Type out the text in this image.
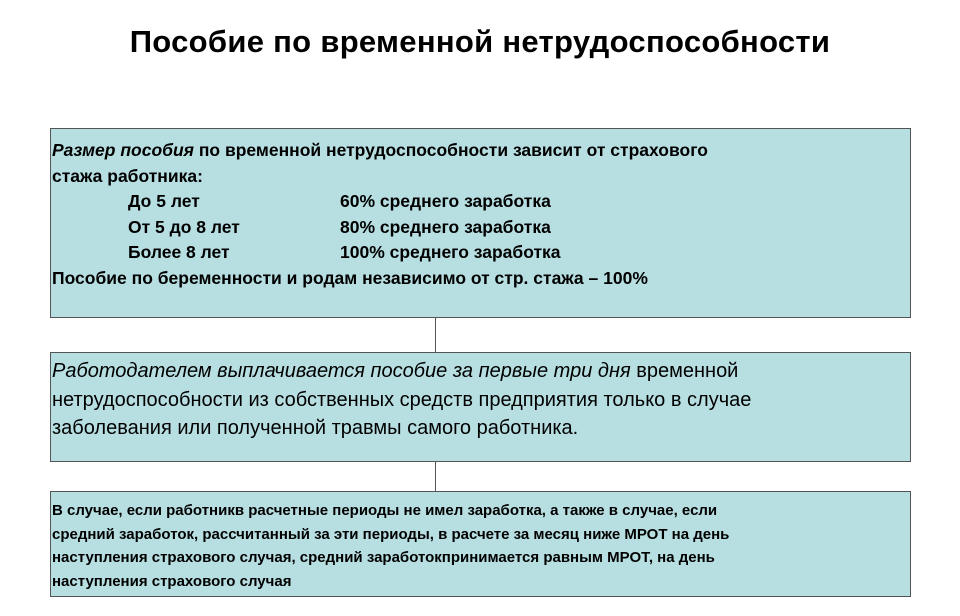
Пособие по временной нетрудоспособности
Размер пособия по временной нетрудоспособности зависит от страхового
стажа работника:
До 5 лет	60% среднего заработка
От 5 до 8 лет	80% среднего заработка
Более 8 лет	100% среднего заработка
Пособие по беременности и родам независимо от стр. стажа – 100%
Работодателем выплачивается пособие за первые три дня временной
нетрудоспособности из собственных средств предприятия только в случае
заболевания или полученной травмы самого работника.
В случае, если работникв расчетные периоды не имел заработка, а также в случае, если
средний заработок, рассчитанный за эти периоды, в расчете за месяц ниже МРОТ на день
наступления страхового случая, средний заработокпринимается равным МРОТ, на день
наступления страхового случая
